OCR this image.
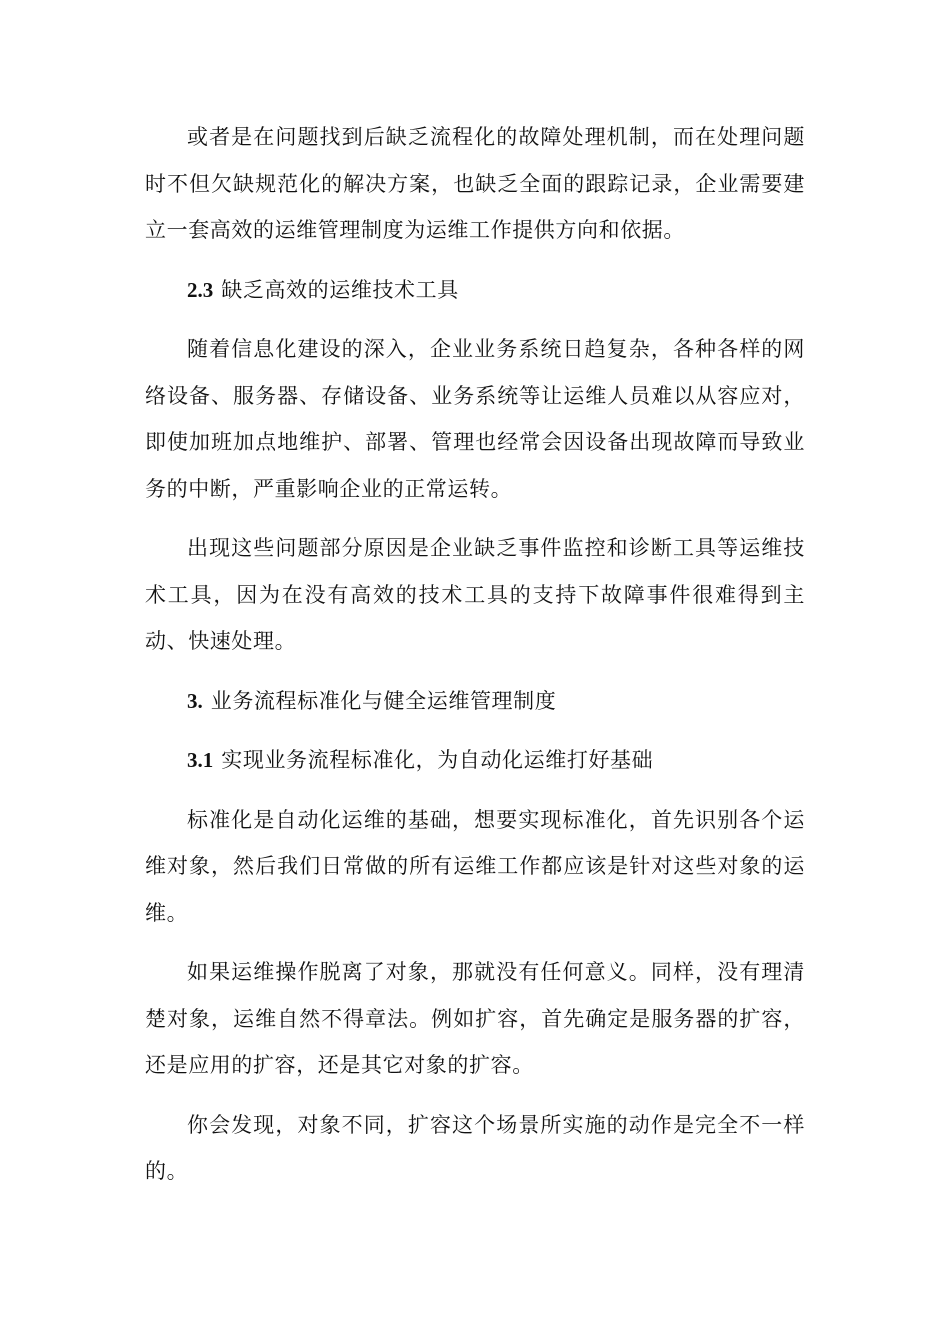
或者是在问题找到后缺乏流程化的故障处理机制，而在处理问题时不但欠缺规范化的解决方案，也缺乏全面的跟踪记录，企业需要建立一套高效的运维管理制度为运维工作提供方向和依据。

2.3 缺乏高效的运维技术工具

随着信息化建设的深入，企业业务系统日趋复杂，各种各样的网络设备、服务器、存储设备、业务系统等让运维人员难以从容应对，即使加班加点地维护、部署、管理也经常会因设备出现故障而导致业务的中断，严重影响企业的正常运转。

出现这些问题部分原因是企业缺乏事件监控和诊断工具等运维技术工具，因为在没有高效的技术工具的支持下故障事件很难得到主动、快速处理。

3. 业务流程标准化与健全运维管理制度

3.1 实现业务流程标准化，为自动化运维打好基础

标准化是自动化运维的基础，想要实现标准化，首先识别各个运维对象，然后我们日常做的所有运维工作都应该是针对这些对象的运维。

如果运维操作脱离了对象，那就没有任何意义。同样，没有理清楚对象，运维自然不得章法。例如扩容，首先确定是服务器的扩容，还是应用的扩容，还是其它对象的扩容。

你会发现，对象不同，扩容这个场景所实施的动作是完全不一样的。
